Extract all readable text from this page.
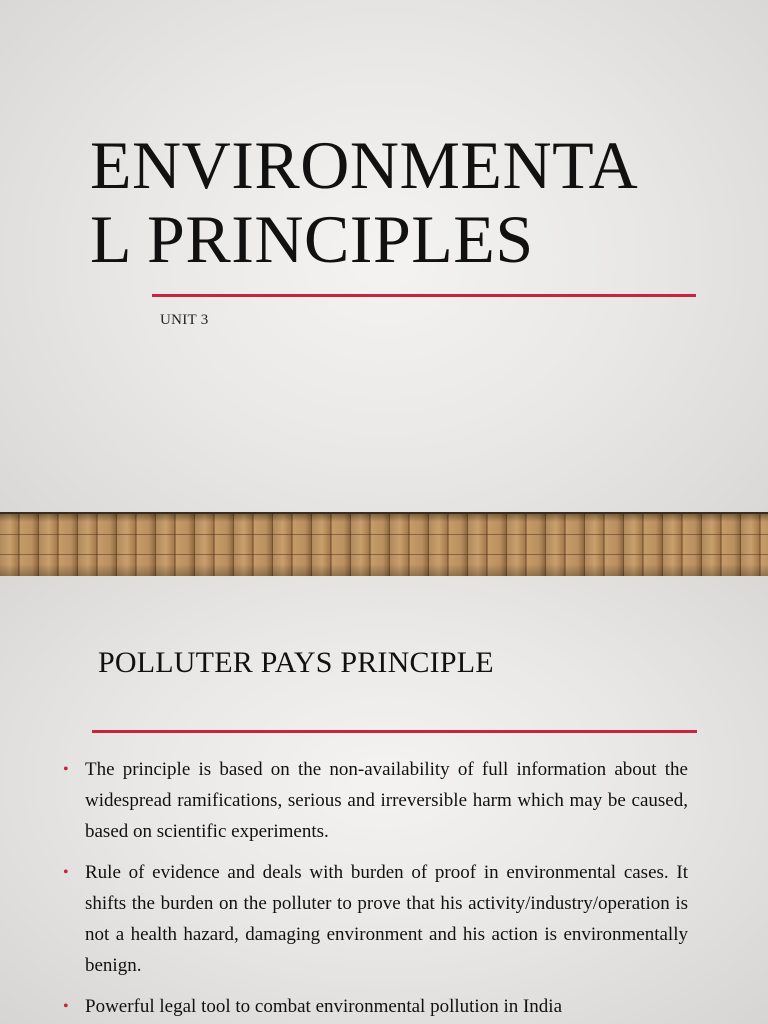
ENVIRONMENTA
L PRINCIPLES
UNIT 3
POLLUTER PAYS PRINCIPLE
• The principle is based on the non-availability of full information about the widespread ramifications, serious and irreversible harm which may be caused, based on scientific experiments.
• Rule of evidence and deals with burden of proof in environmental cases. It shifts the burden on the polluter to prove that his activity/industry/operation is not a health hazard, damaging environment and his action is environmentally benign.
• Powerful legal tool to combat environmental pollution in India
